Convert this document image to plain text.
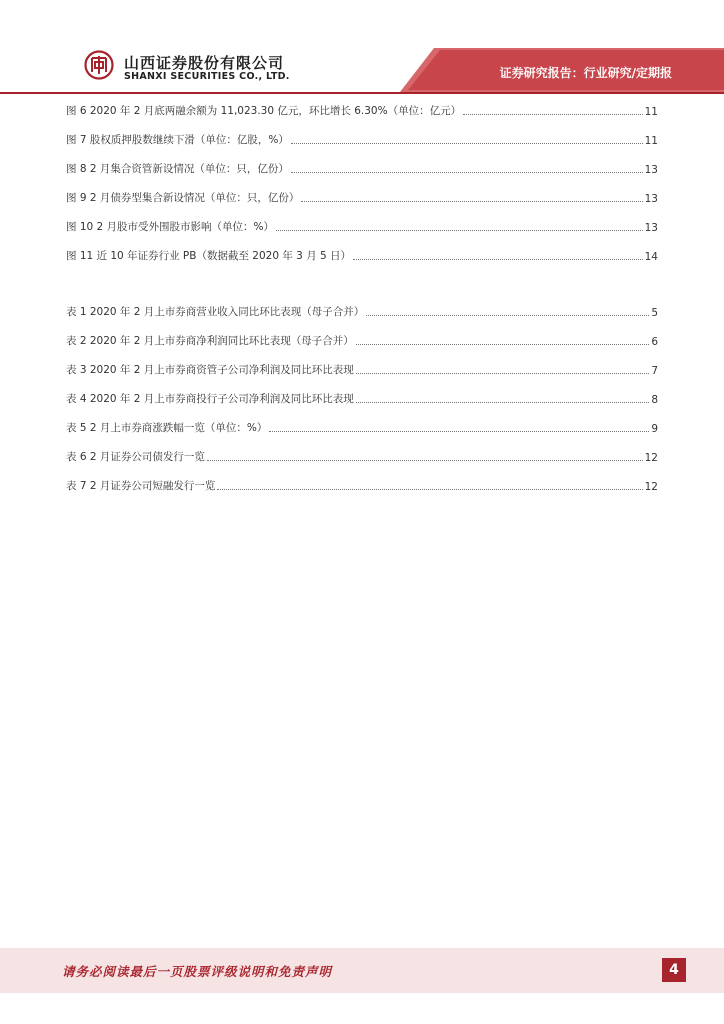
山西证券股份有限公司
SHANXI SECURITIES CO., LTD.	证券研究报告：行业研究/定期报
图 6 2020 年 2 月底两融余额为 11,023.30 亿元，环比增长 6.30%（单位：亿元）	11
图 7 股权质押股数继续下滑（单位：亿股，%）	11
图 8 2 月集合资管新设情况（单位：只，亿份）	13
图 9 2 月债券型集合新设情况（单位：只，亿份）	13
图 10 2 月股市受外围股市影响（单位：%）	13
图 11 近 10 年证券行业 PB（数据截至 2020 年 3 月 5 日）	14
表 1 2020 年 2 月上市券商营业收入同比环比表现（母子合并）	5
表 2 2020 年 2 月上市券商净利润同比环比表现（母子合并）	6
表 3 2020 年 2 月上市券商资管子公司净利润及同比环比表现	7
表 4 2020 年 2 月上市券商投行子公司净利润及同比环比表现	8
表 5 2 月上市券商涨跌幅一览（单位：%）	9
表 6 2 月证券公司债发行一览	12
表 7 2 月证券公司短融发行一览	12
请务必阅读最后一页股票评级说明和免责声明	4
